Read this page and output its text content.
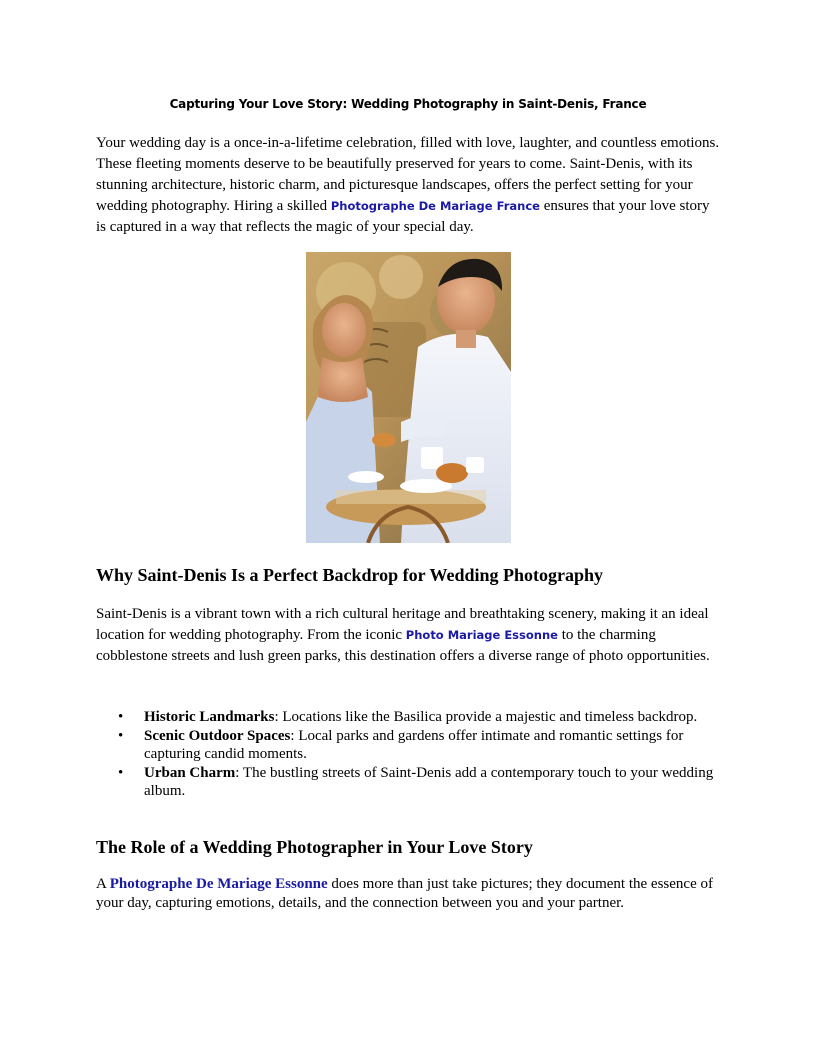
Capturing Your Love Story: Wedding Photography in Saint-Denis, France

Your wedding day is a once-in-a-lifetime celebration, filled with love, laughter, and countless emotions. These fleeting moments deserve to be beautifully preserved for years to come. Saint-Denis, with its stunning architecture, historic charm, and picturesque landscapes, offers the perfect setting for your wedding photography. Hiring a skilled Photographe De Mariage France ensures that your love story is captured in a way that reflects the magic of your special day.

Why Saint-Denis Is a Perfect Backdrop for Wedding Photography

Saint-Denis is a vibrant town with a rich cultural heritage and breathtaking scenery, making it an ideal location for wedding photography. From the iconic Photo Mariage Essonne to the charming cobblestone streets and lush green parks, this destination offers a diverse range of photo opportunities.

• Historic Landmarks: Locations like the Basilica provide a majestic and timeless backdrop.
• Scenic Outdoor Spaces: Local parks and gardens offer intimate and romantic settings for capturing candid moments.
• Urban Charm: The bustling streets of Saint-Denis add a contemporary touch to your wedding album.
The Role of a Wedding Photographer in Your Love Story

A Photographe De Mariage Essonne does more than just take pictures; they document the essence of your day, capturing emotions, details, and the connection between you and your partner.
